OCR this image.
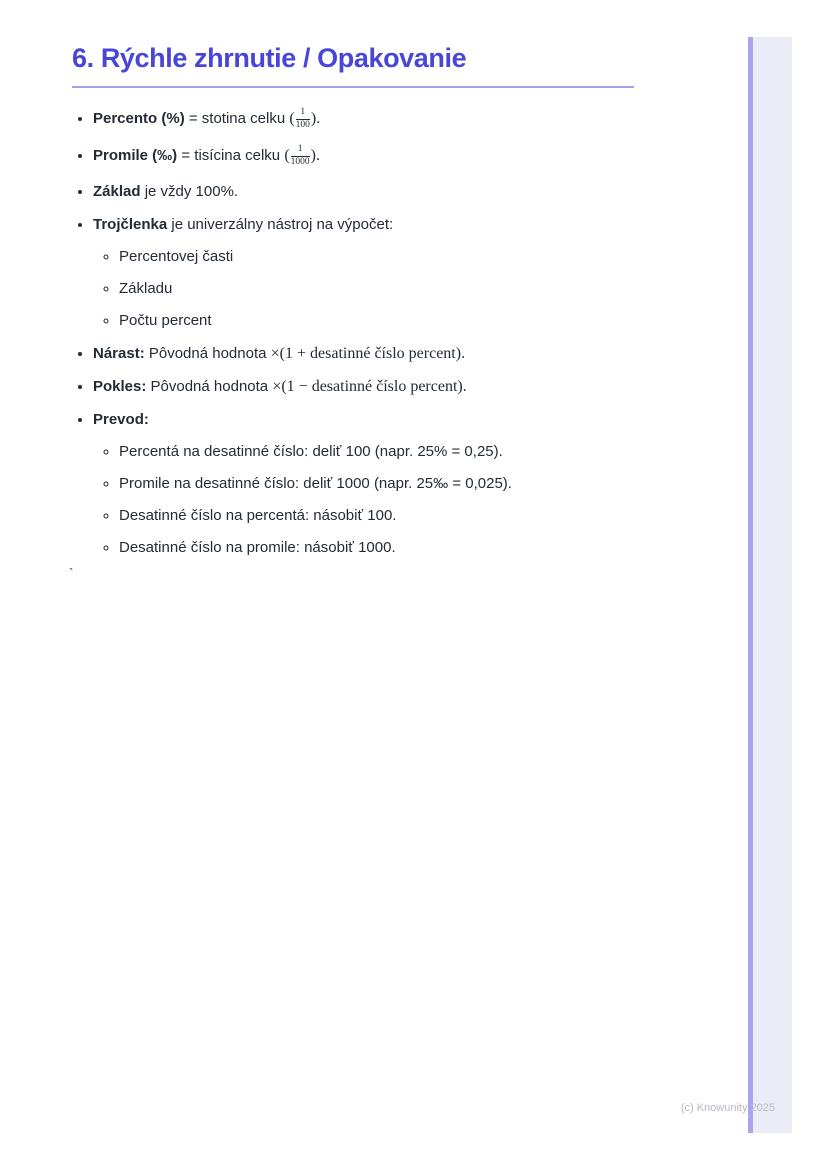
6. Rýchle zhrnutie / Opakovanie
• Percento (%) = stotina celku ( $\frac{1}{100}$ ).
• Promile (‰) = tisícina celku ( $\frac{1}{1000}$ ).
• Základ je vždy 100%.
• Trojčlenka je univerzálny nástroj na výpočet:
◦ Percentovej časti
◦ Základu
◦ Počtu percent
• Nárast: Pôvodná hodnota ×(1 + desatinné číslo percent).
• Pokles: Pôvodná hodnota ×(1 − desatinné číslo percent).
• Prevod:
◦ Percentá na desatinné číslo: deliť 100 (napr. 25% = 0,25).
◦ Promile na desatinné číslo: deliť 1000 (napr. 25‰ = 0,025).
◦ Desatinné číslo na percentá: násobiť 100.
◦ Desatinné číslo na promile: násobiť 1000.
`
(c) Knowunity 2025
